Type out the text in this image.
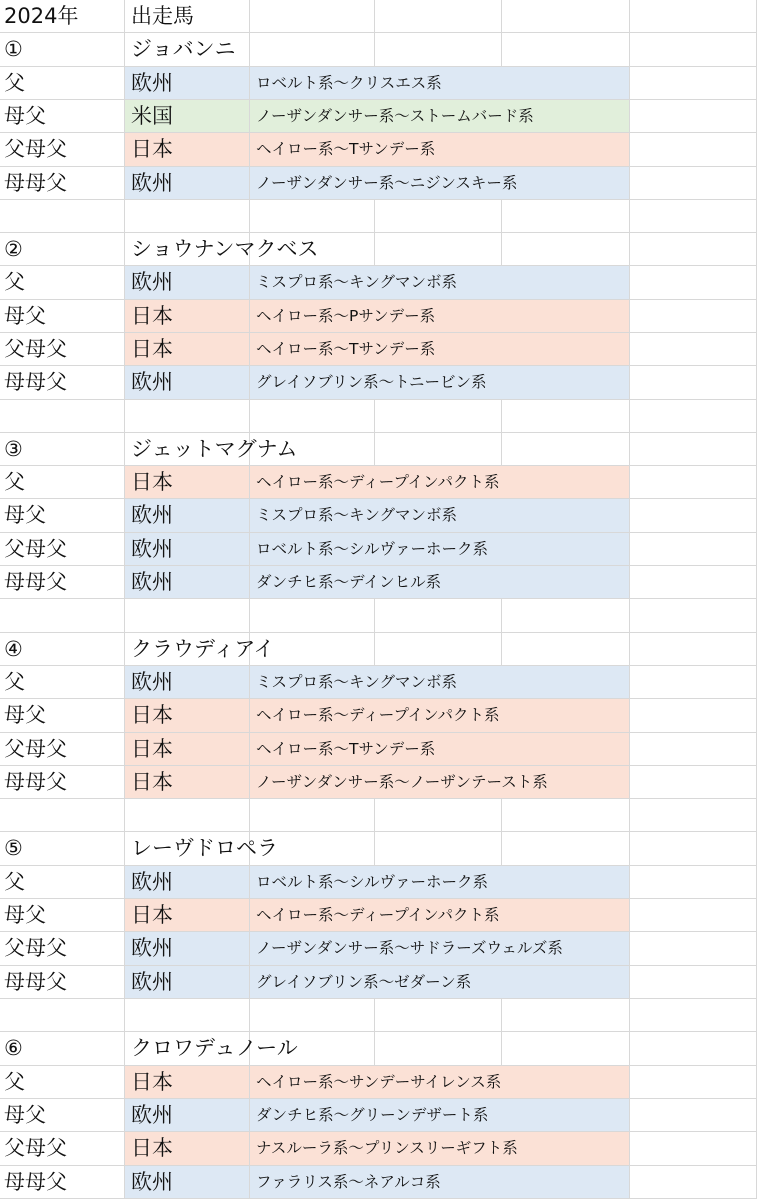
2024年	出走馬
①	ジョバンニ
父	欧州	ロベルト系〜クリスエス系
母父	米国	ノーザンダンサー系〜ストームバード系
父母父	日本	ヘイロー系〜Tサンデー系
母母父	欧州	ノーザンダンサー系〜ニジンスキー系
②	ショウナンマクベス
父	欧州	ミスプロ系〜キングマンボ系
母父	日本	ヘイロー系〜Pサンデー系
父母父	日本	ヘイロー系〜Tサンデー系
母母父	欧州	グレイソブリン系〜トニービン系
③	ジェットマグナム
父	日本	ヘイロー系〜ディープインパクト系
母父	欧州	ミスプロ系〜キングマンボ系
父母父	欧州	ロベルト系〜シルヴァーホーク系
母母父	欧州	ダンチヒ系〜デインヒル系
④	クラウディアイ
父	欧州	ミスプロ系〜キングマンボ系
母父	日本	ヘイロー系〜ディープインパクト系
父母父	日本	ヘイロー系〜Tサンデー系
母母父	日本	ノーザンダンサー系〜ノーザンテースト系
⑤	レーヴドロペラ
父	欧州	ロベルト系〜シルヴァーホーク系
母父	日本	ヘイロー系〜ディープインパクト系
父母父	欧州	ノーザンダンサー系〜サドラーズウェルズ系
母母父	欧州	グレイソブリン系〜ゼダーン系
⑥	クロワデュノール
父	日本	ヘイロー系〜サンデーサイレンス系
母父	欧州	ダンチヒ系〜グリーンデザート系
父母父	日本	ナスルーラ系〜プリンスリーギフト系
母母父	欧州	ファラリス系〜ネアルコ系
